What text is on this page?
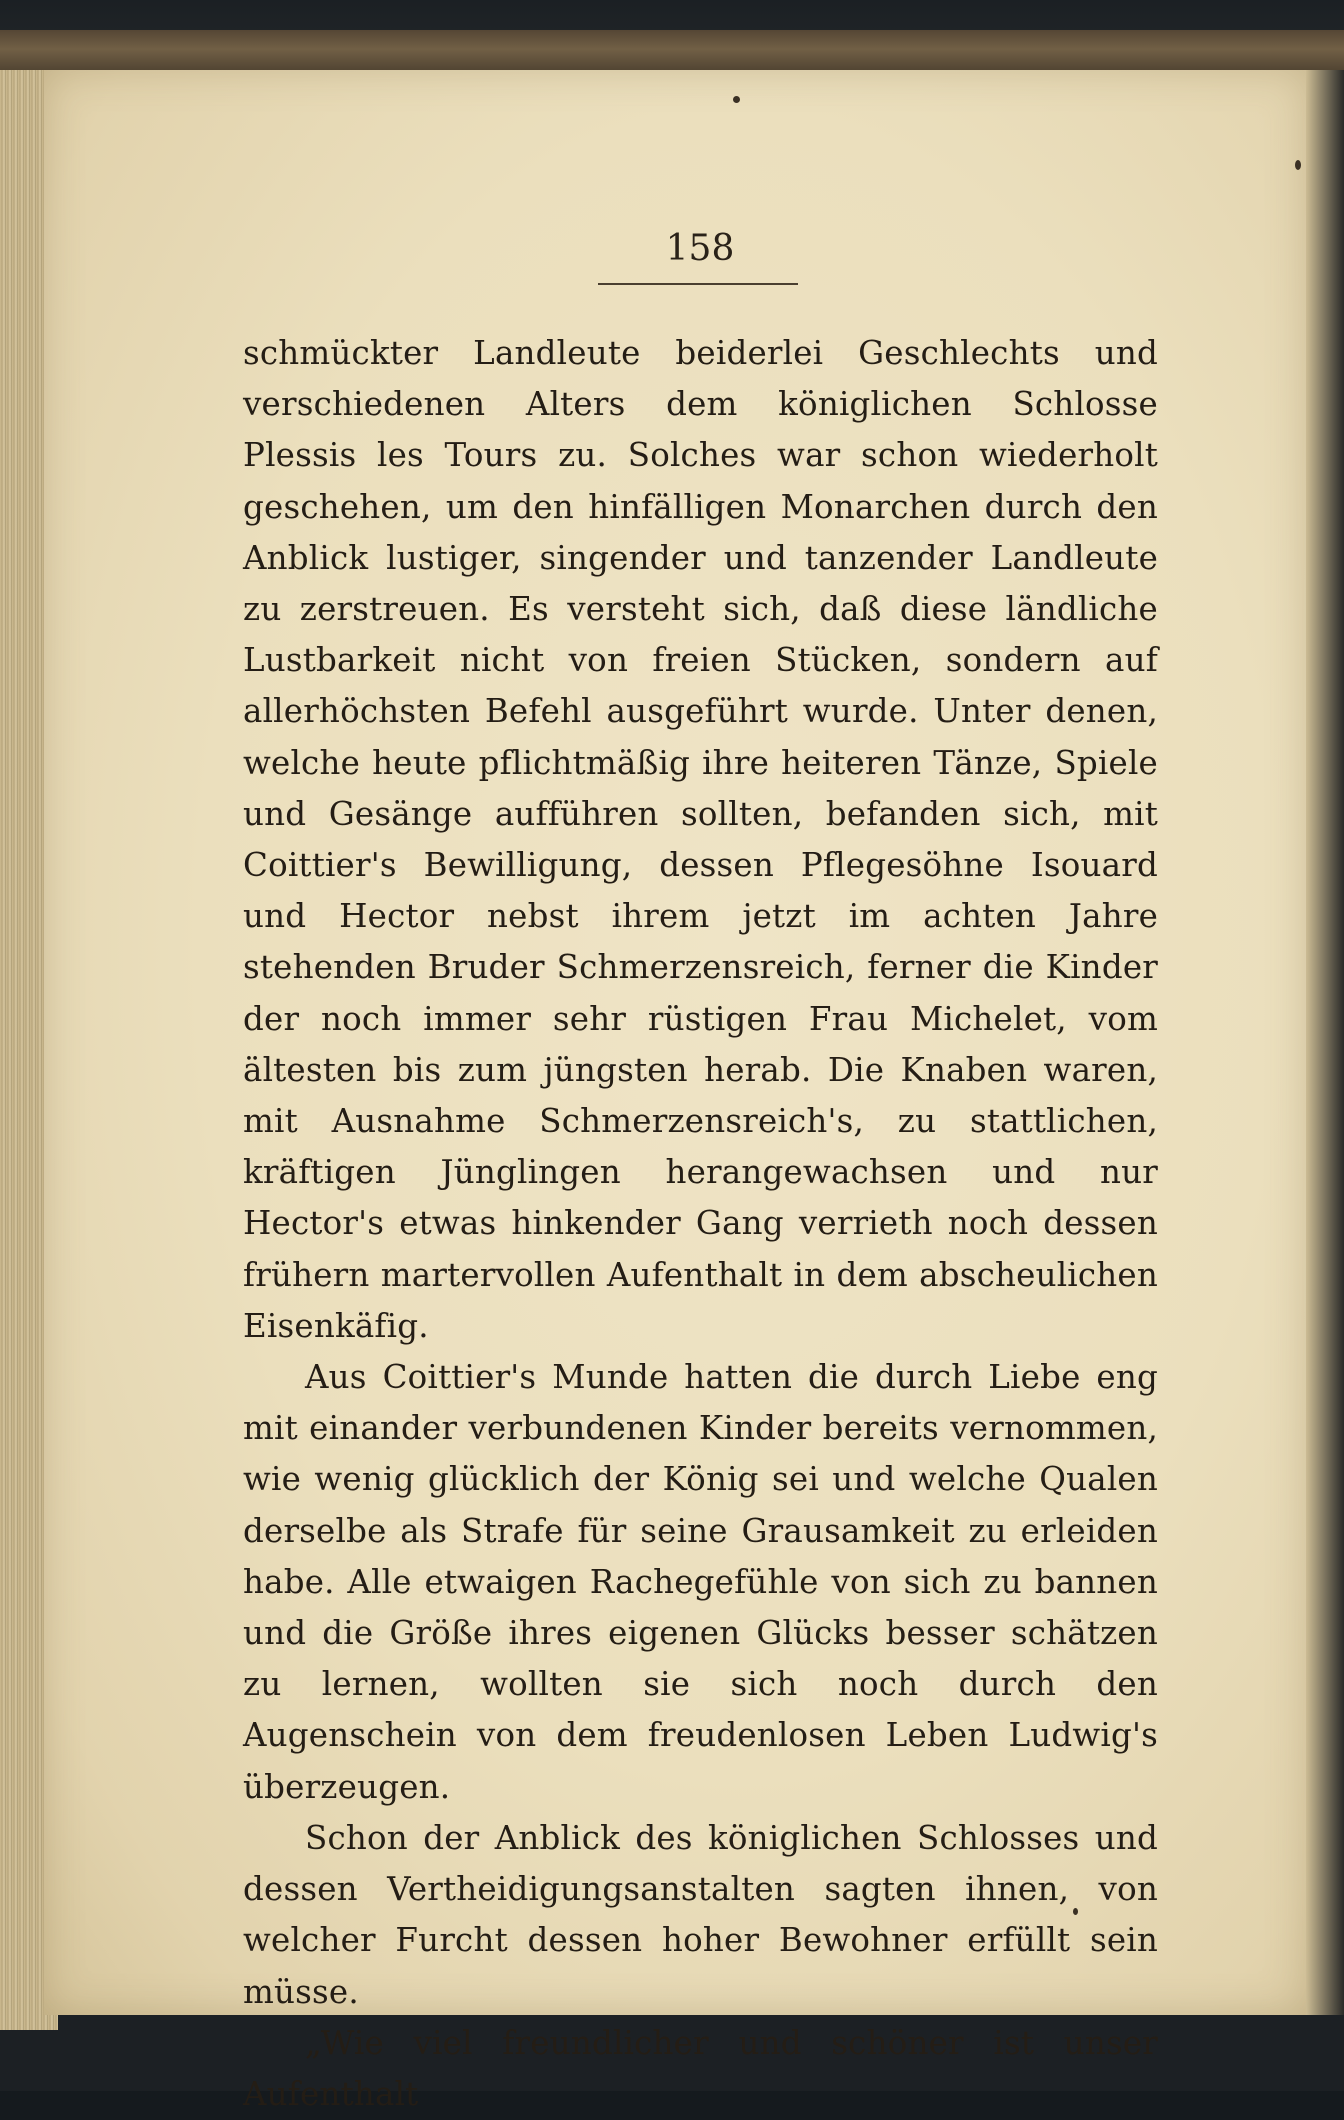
158

schmückter Landleute beiderlei Geschlechts und verschiedenen Alters dem königlichen Schlosse Plessis les Tours zu. Solches war schon wiederholt geschehen, um den hinfälligen Monarchen durch den Anblick lustiger, singender und tanzender Landleute zu zerstreuen. Es versteht sich, daß diese ländliche Lustbarkeit nicht von freien Stücken, sondern auf allerhöchsten Befehl ausgeführt wurde. Unter denen, welche heute pflichtmäßig ihre heiteren Tänze, Spiele und Gesänge aufführen sollten, befanden sich, mit Coittier's Bewilligung, dessen Pflegesöhne Isouard und Hector nebst ihrem jetzt im achten Jahre stehenden Bruder Schmerzensreich, ferner die Kinder der noch immer sehr rüstigen Frau Michelet, vom ältesten bis zum jüngsten herab. Die Knaben waren, mit Ausnahme Schmerzensreich's, zu stattlichen, kräftigen Jünglingen herangewachsen und nur Hector's etwas hinkender Gang verrieth noch dessen frühern martervollen Aufenthalt in dem abscheulichen Eisenkäfig.

Aus Coittier's Munde hatten die durch Liebe eng mit einander verbundenen Kinder bereits vernommen, wie wenig glücklich der König sei und welche Qualen derselbe als Strafe für seine Grausamkeit zu erleiden habe. Alle etwaigen Rachegefühle von sich zu bannen und die Größe ihres eigenen Glücks besser schätzen zu lernen, wollten sie sich noch durch den Augenschein von dem freudenlosen Leben Ludwig's überzeugen.

Schon der Anblick des königlichen Schlosses und dessen Vertheidigungsanstalten sagten ihnen, von welcher Furcht dessen hoher Bewohner erfüllt sein müsse.

„Wie viel freundlicher und schöner ist unser Aufenthalt
